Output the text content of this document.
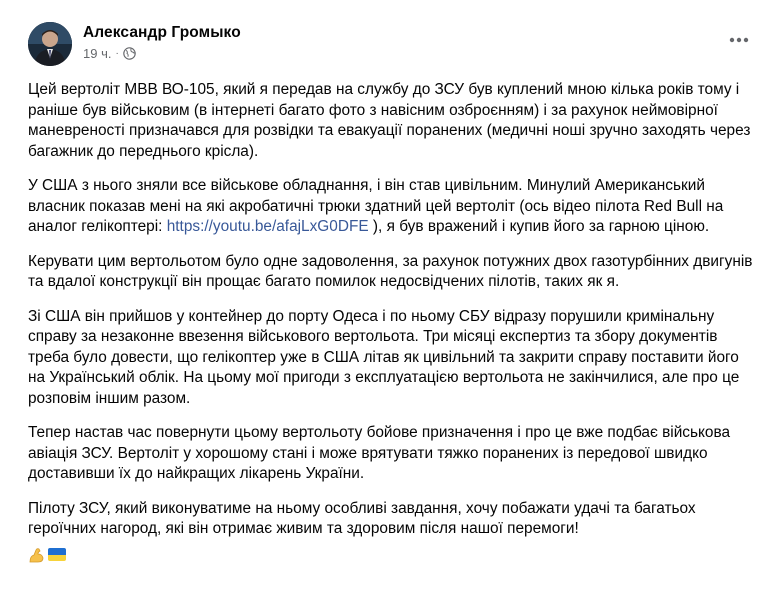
Александр Громыко
19 ч. ·

Цей вертоліт МВВ ВО-105, який я передав на службу до ЗСУ був куплений мною кілька років тому і раніше був військовим (в інтернеті багато фото з навісним озброєнням) і за рахунок неймовірної маневреності призначався для розвідки та евакуації поранених (медичні ноші зручно заходять через багажник до переднього крісла).

У США з нього зняли все військове обладнання, і він став цивільним. Минулий Американський власник показав мені на які акробатичні трюки здатний цей вертоліт (ось відео пілота Red Bull на аналог гелікоптері: https://youtu.be/afajLxG0DFE ), я був вражений і купив його за гарною ціною.

Керувати цим вертольотом було одне задоволення, за рахунок потужних двох газотурбінних двигунів та вдалої конструкції він прощає багато помилок недосвідчених пілотів, таких як я.

Зі США він прийшов у контейнер до порту Одеса і по ньому СБУ відразу порушили кримінальну справу за незаконне ввезення військового вертольота. Три місяці експертиз та збору документів треба було довести, що гелікоптер уже в США літав як цивільний та закрити справу поставити його на Український облік. На цьому мої пригоди з експлуатацією вертольота не закінчилися, але про це розповім іншим разом.

Тепер настав час повернути цьому вертольоту бойове призначення і про це вже подбає військова авіація ЗСУ. Вертоліт у хорошому стані і може врятувати тяжко поранених із передової швидко доставивши їх до найкращих лікарень України.

Пілоту ЗСУ, який виконуватиме на ньому особливі завдання, хочу побажати удачі та багатьох героїчних нагород, які він отримає живим та здоровим після нашої перемоги!
